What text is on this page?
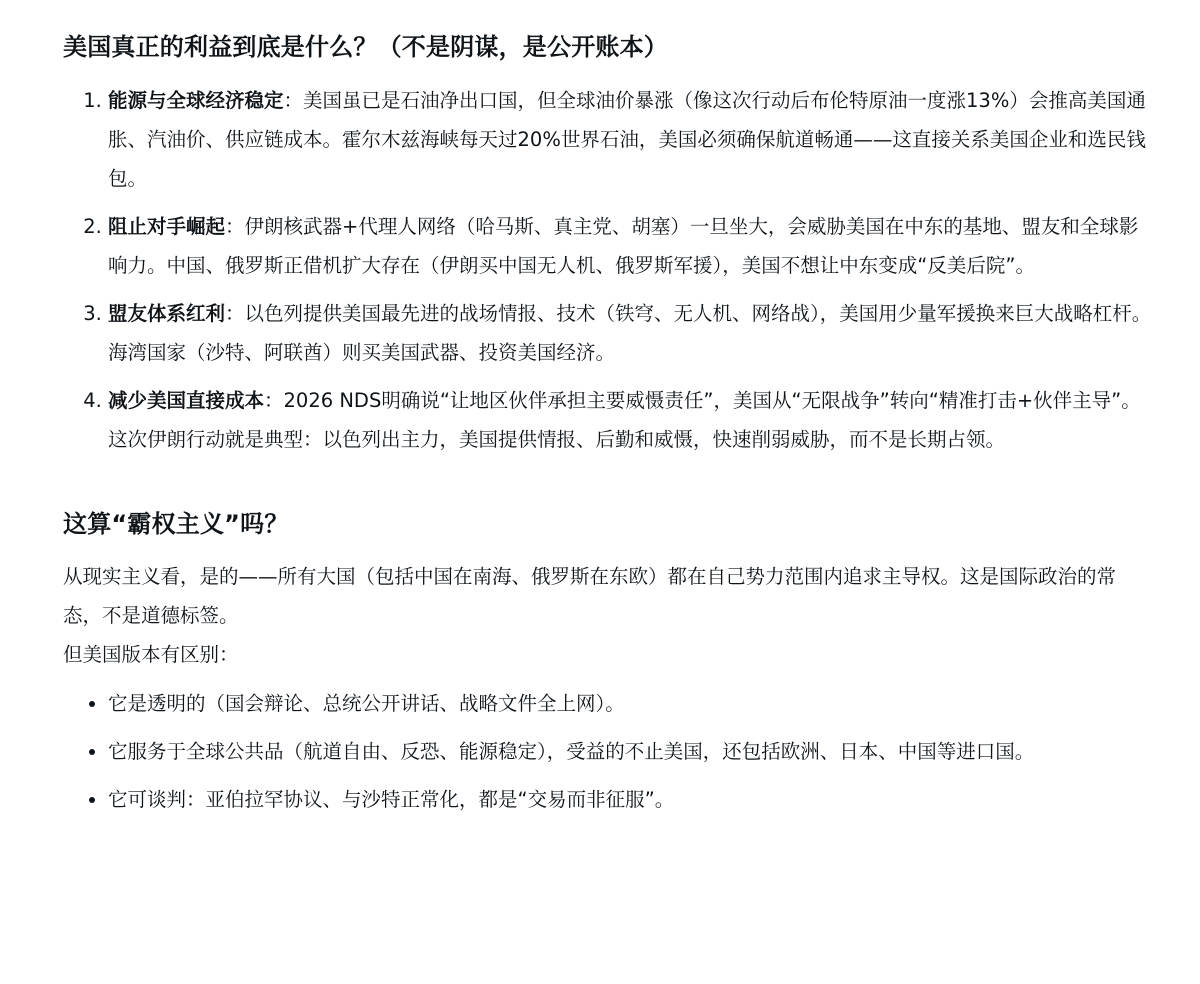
美国真正的利益到底是什么？（不是阴谋，是公开账本）
1. 能源与全球经济稳定：美国虽已是石油净出口国，但全球油价暴涨（像这次行动后布伦特原油一度涨13%）会推高美国通胀、汽油价、供应链成本。霍尔木兹海峡每天过20%世界石油，美国必须确保航道畅通——这直接关系美国企业和选民钱包。
2. 阻止对手崛起：伊朗核武器+代理人网络（哈马斯、真主党、胡塞）一旦坐大，会威胁美国在中东的基地、盟友和全球影响力。中国、俄罗斯正借机扩大存在（伊朗买中国无人机、俄罗斯军援），美国不想让中东变成“反美后院”。
3. 盟友体系红利：以色列提供美国最先进的战场情报、技术（铁穹、无人机、网络战），美国用少量军援换来巨大战略杠杆。海湾国家（沙特、阿联酋）则买美国武器、投资美国经济。
4. 减少美国直接成本：2026 NDS明确说“让地区伙伴承担主要威慑责任”，美国从“无限战争”转向“精准打击+伙伴主导”。这次伊朗行动就是典型：以色列出主力，美国提供情报、后勤和威慑，快速削弱威胁，而不是长期占领。
这算“霸权主义”吗？

从现实主义看，是的——所有大国（包括中国在南海、俄罗斯在东欧）都在自己势力范围内追求主导权。这是国际政治的常态，不是道德标签。

但美国版本有区别：

• 它是透明的（国会辩论、总统公开讲话、战略文件全上网）。
• 它服务于全球公共品（航道自由、反恐、能源稳定），受益的不止美国，还包括欧洲、日本、中国等进口国。
• 它可谈判：亚伯拉罕协议、与沙特正常化，都是“交易而非征服”。
